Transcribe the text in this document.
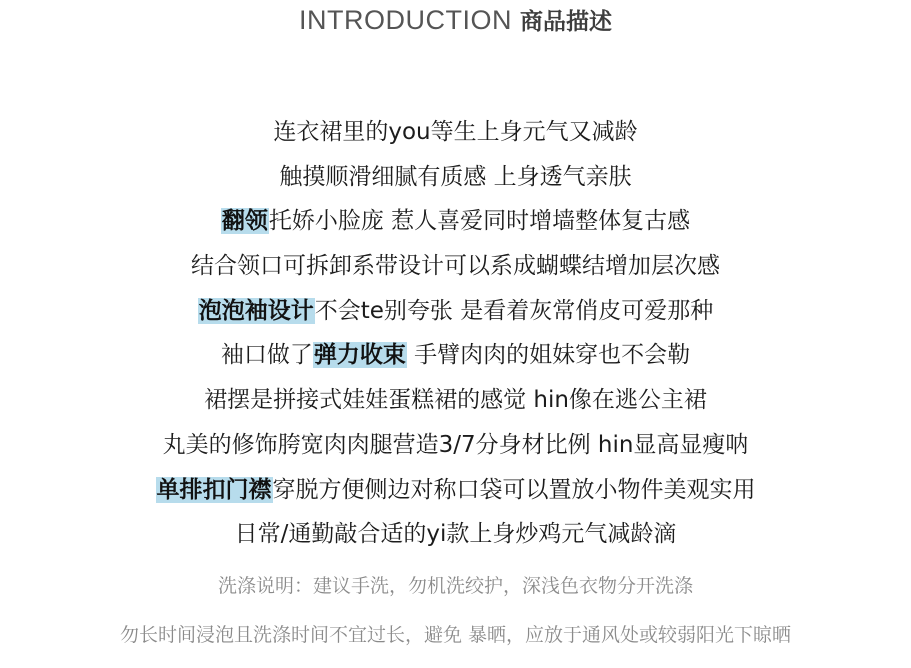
INTRODUCTION 商品描述
连衣裙里的you等生上身元气又减龄
触摸顺滑细腻有质感 上身透气亲肤
翻领托娇小脸庞 惹人喜爱同时增墙整体复古感
结合领口可拆卸系带设计可以系成蝴蝶结增加层次感
泡泡袖设计不会te别夸张 是看着灰常俏皮可爱那种
袖口做了弹力收束 手臂肉肉的姐妹穿也不会勒
裙摆是拼接式娃娃蛋糕裙的感觉 hin像在逃公主裙
丸美的修饰胯宽肉肉腿营造3/7分身材比例 hin显高显瘦呐
单排扣门襟穿脱方便侧边对称口袋可以置放小物件美观实用
日常/通勤敲合适的yi款上身炒鸡元气减龄滴
洗涤说明：建议手洗，勿机洗绞护，深浅色衣物分开洗涤
勿长时间浸泡且洗涤时间不宜过长，避免 暴晒，应放于通风处或较弱阳光下晾晒
